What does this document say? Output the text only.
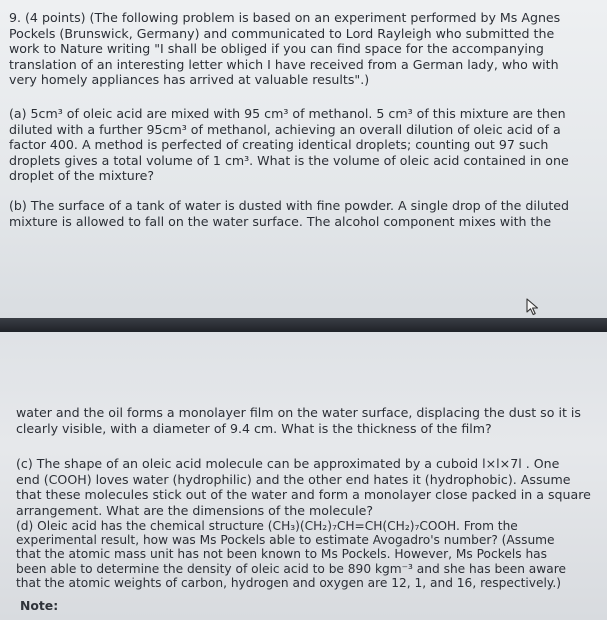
9. (4 points) (The following problem is based on an experiment performed by Ms Agnes
Pockels (Brunswick, Germany) and communicated to Lord Rayleigh who submitted the
work to Nature writing "I shall be obliged if you can find space for the accompanying
translation of an interesting letter which I have received from a German lady, who with
very homely appliances has arrived at valuable results".)
(a) 5cm³ of oleic acid are mixed with 95 cm³ of methanol. 5 cm³ of this mixture are then
diluted with a further 95cm³ of methanol, achieving an overall dilution of oleic acid of a
factor 400. A method is perfected of creating identical droplets; counting out 97 such
droplets gives a total volume of 1 cm³. What is the volume of oleic acid contained in one
droplet of the mixture?
(b) The surface of a tank of water is dusted with fine powder. A single drop of the diluted
mixture is allowed to fall on the water surface. The alcohol component mixes with the
water and the oil forms a monolayer film on the water surface, displacing the dust so it is
clearly visible, with a diameter of 9.4 cm. What is the thickness of the film?
(c) The shape of an oleic acid molecule can be approximated by a cuboid l×l×7l . One
end (COOH) loves water (hydrophilic) and the other end hates it (hydrophobic). Assume
that these molecules stick out of the water and form a monolayer close packed in a square
arrangement. What are the dimensions of the molecule?
(d) Oleic acid has the chemical structure (CH₃)(CH₂)₇CH=CH(CH₂)₇COOH. From the
experimental result, how was Ms Pockels able to estimate Avogadro's number? (Assume
that the atomic mass unit has not been known to Ms Pockels. However, Ms Pockels has
been able to determine the density of oleic acid to be 890 kgm⁻³ and she has been aware
that the atomic weights of carbon, hydrogen and oxygen are 12, 1, and 16, respectively.)
Note:
